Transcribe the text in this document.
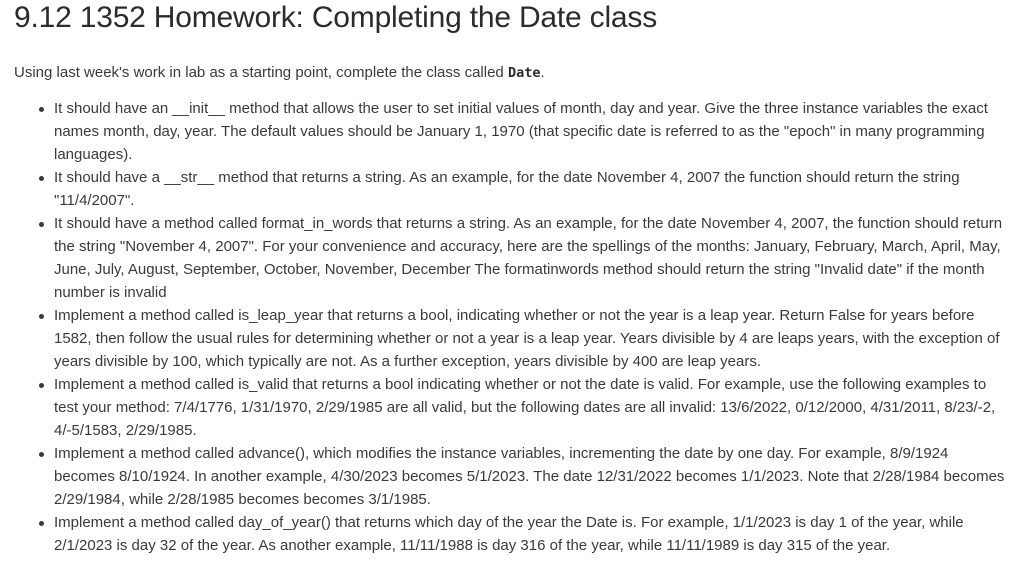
9.12 1352 Homework: Completing the Date class

Using last week's work in lab as a starting point, complete the class called Date.

It should have an __init__ method that allows the user to set initial values of month, day and year. Give the three instance variables the exact names month, day, year. The default values should be January 1, 1970 (that specific date is referred to as the "epoch" in many programming languages).
It should have a __str__ method that returns a string. As an example, for the date November 4, 2007 the function should return the string "11/4/2007".
It should have a method called format_in_words that returns a string. As an example, for the date November 4, 2007, the function should return the string "November 4, 2007". For your convenience and accuracy, here are the spellings of the months: January, February, March, April, May, June, July, August, September, October, November, December The formatinwords method should return the string "Invalid date" if the month number is invalid
Implement a method called is_leap_year that returns a bool, indicating whether or not the year is a leap year. Return False for years before 1582, then follow the usual rules for determining whether or not a year is a leap year. Years divisible by 4 are leaps years, with the exception of years divisible by 100, which typically are not. As a further exception, years divisible by 400 are leap years.
Implement a method called is_valid that returns a bool indicating whether or not the date is valid. For example, use the following examples to test your method: 7/4/1776, 1/31/1970, 2/29/1985 are all valid, but the following dates are all invalid: 13/6/2022, 0/12/2000, 4/31/2011, 8/23/-2, 4/-5/1583, 2/29/1985.
Implement a method called advance(), which modifies the instance variables, incrementing the date by one day. For example, 8/9/1924 becomes 8/10/1924. In another example, 4/30/2023 becomes 5/1/2023. The date 12/31/2022 becomes 1/1/2023. Note that 2/28/1984 becomes 2/29/1984, while 2/28/1985 becomes becomes 3/1/1985.
Implement a method called day_of_year() that returns which day of the year the Date is. For example, 1/1/2023 is day 1 of the year, while 2/1/2023 is day 32 of the year. As another example, 11/11/1988 is day 316 of the year, while 11/11/1989 is day 315 of the year.
